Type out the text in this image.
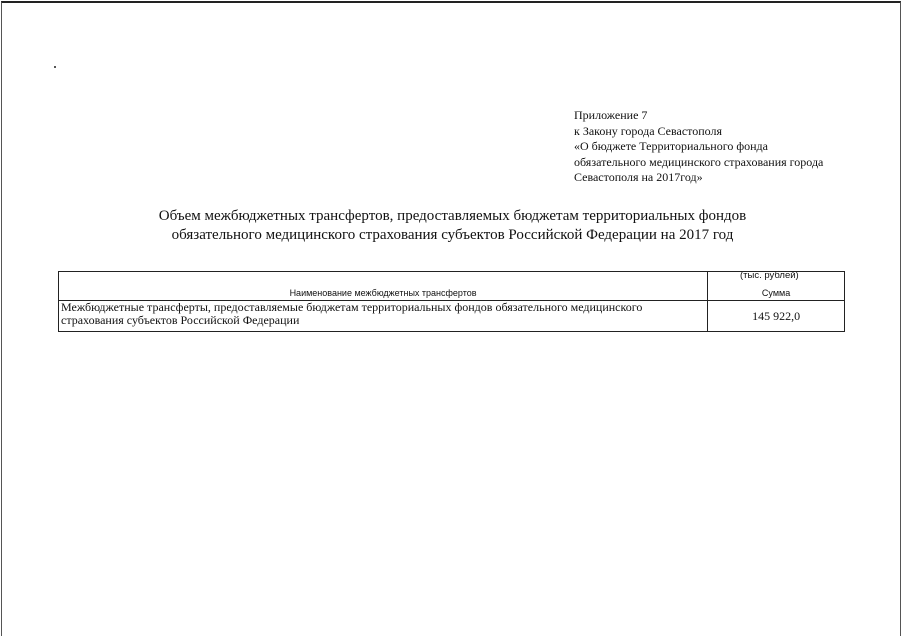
Приложение 7
к Закону города Севастополя
«О бюджете Территориального фонда
обязательного медицинского страхования города
Севастополя на 2017год»
Объем межбюджетных трансфертов, предоставляемых бюджетам территориальных фондов
обязательного медицинского страхования субъектов Российской Федерации на 2017 год
(тыс. рублей)
Наименование межбюджетных трансфертов	Сумма
Межбюджетные трансферты, предоставляемые бюджетам территориальных фондов обязательного медицинского страхования субъектов Российской Федерации	145 922,0
